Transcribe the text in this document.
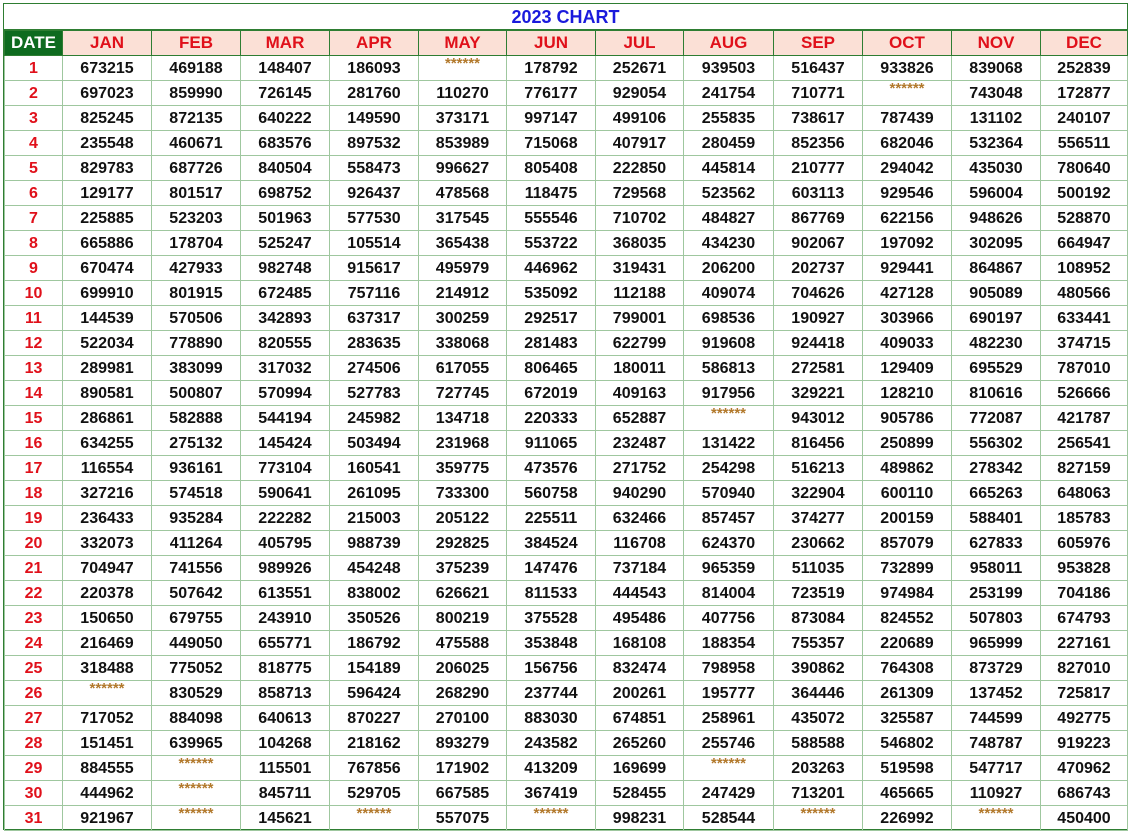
2023 CHART
DATE	JAN	FEB	MAR	APR	MAY	JUN	JUL	AUG	SEP	OCT	NOV	DEC
1	673215	469188	148407	186093	******	178792	252671	939503	516437	933826	839068	252839
2	697023	859990	726145	281760	110270	776177	929054	241754	710771	******	743048	172877
3	825245	872135	640222	149590	373171	997147	499106	255835	738617	787439	131102	240107
4	235548	460671	683576	897532	853989	715068	407917	280459	852356	682046	532364	556511
5	829783	687726	840504	558473	996627	805408	222850	445814	210777	294042	435030	780640
6	129177	801517	698752	926437	478568	118475	729568	523562	603113	929546	596004	500192
7	225885	523203	501963	577530	317545	555546	710702	484827	867769	622156	948626	528870
8	665886	178704	525247	105514	365438	553722	368035	434230	902067	197092	302095	664947
9	670474	427933	982748	915617	495979	446962	319431	206200	202737	929441	864867	108952
10	699910	801915	672485	757116	214912	535092	112188	409074	704626	427128	905089	480566
11	144539	570506	342893	637317	300259	292517	799001	698536	190927	303966	690197	633441
12	522034	778890	820555	283635	338068	281483	622799	919608	924418	409033	482230	374715
13	289981	383099	317032	274506	617055	806465	180011	586813	272581	129409	695529	787010
14	890581	500807	570994	527783	727745	672019	409163	917956	329221	128210	810616	526666
15	286861	582888	544194	245982	134718	220333	652887	******	943012	905786	772087	421787
16	634255	275132	145424	503494	231968	911065	232487	131422	816456	250899	556302	256541
17	116554	936161	773104	160541	359775	473576	271752	254298	516213	489862	278342	827159
18	327216	574518	590641	261095	733300	560758	940290	570940	322904	600110	665263	648063
19	236433	935284	222282	215003	205122	225511	632466	857457	374277	200159	588401	185783
20	332073	411264	405795	988739	292825	384524	116708	624370	230662	857079	627833	605976
21	704947	741556	989926	454248	375239	147476	737184	965359	511035	732899	958011	953828
22	220378	507642	613551	838002	626621	811533	444543	814004	723519	974984	253199	704186
23	150650	679755	243910	350526	800219	375528	495486	407756	873084	824552	507803	674793
24	216469	449050	655771	186792	475588	353848	168108	188354	755357	220689	965999	227161
25	318488	775052	818775	154189	206025	156756	832474	798958	390862	764308	873729	827010
26	******	830529	858713	596424	268290	237744	200261	195777	364446	261309	137452	725817
27	717052	884098	640613	870227	270100	883030	674851	258961	435072	325587	744599	492775
28	151451	639965	104268	218162	893279	243582	265260	255746	588588	546802	748787	919223
29	884555	******	115501	767856	171902	413209	169699	******	203263	519598	547717	470962
30	444962	******	845711	529705	667585	367419	528455	247429	713201	465665	110927	686743
31	921967	******	145621	******	557075	******	998231	528544	******	226992	******	450400
